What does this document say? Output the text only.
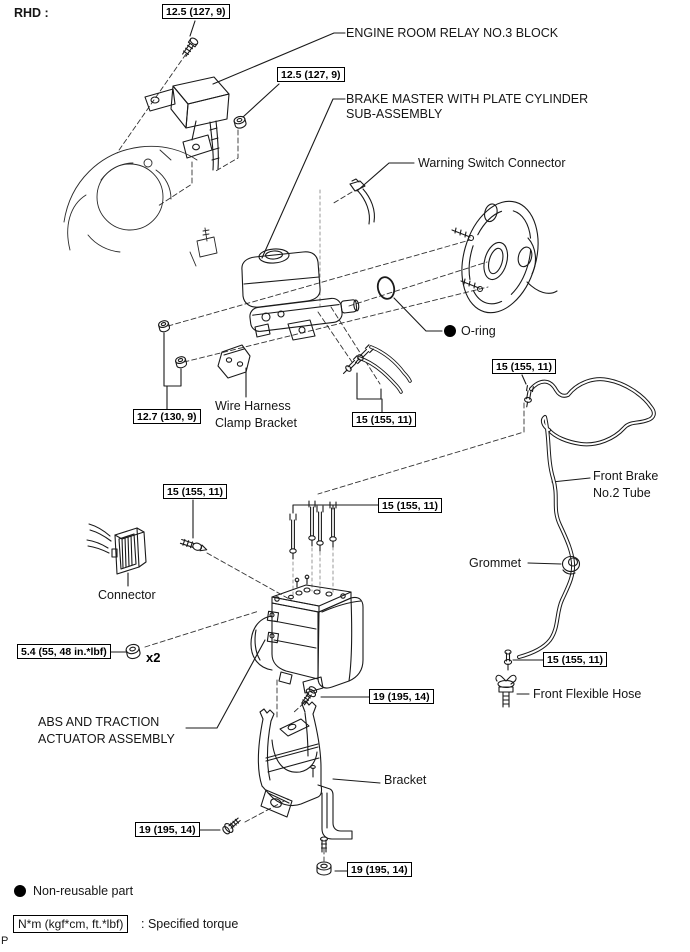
RHD :	12.5 (127, 9)
12.5 (127, 9)
12.7 (130, 9)	15 (155, 11)
15 (155, 11)
15 (155, 11)
15 (155, 11)
15 (155, 11)
5.4 (55, 48 in.*lbf)
19 (195, 14)
19 (195, 14)
19 (195, 14)
x2
ENGINE ROOM RELAY NO.3 BLOCK
BRAKE MASTER WITH PLATE CYLINDER
SUB-ASSEMBLY
Warning Switch Connector
O-ring
Wire Harness
Clamp Bracket
Front Brake
No.2 Tube
Connector
Grommet
ABS AND TRACTION
ACTUATOR ASSEMBLY
Bracket
Front Flexible Hose
Non-reusable part
N*m (kgf*cm, ft.*lbf)	: Specified torque
P
